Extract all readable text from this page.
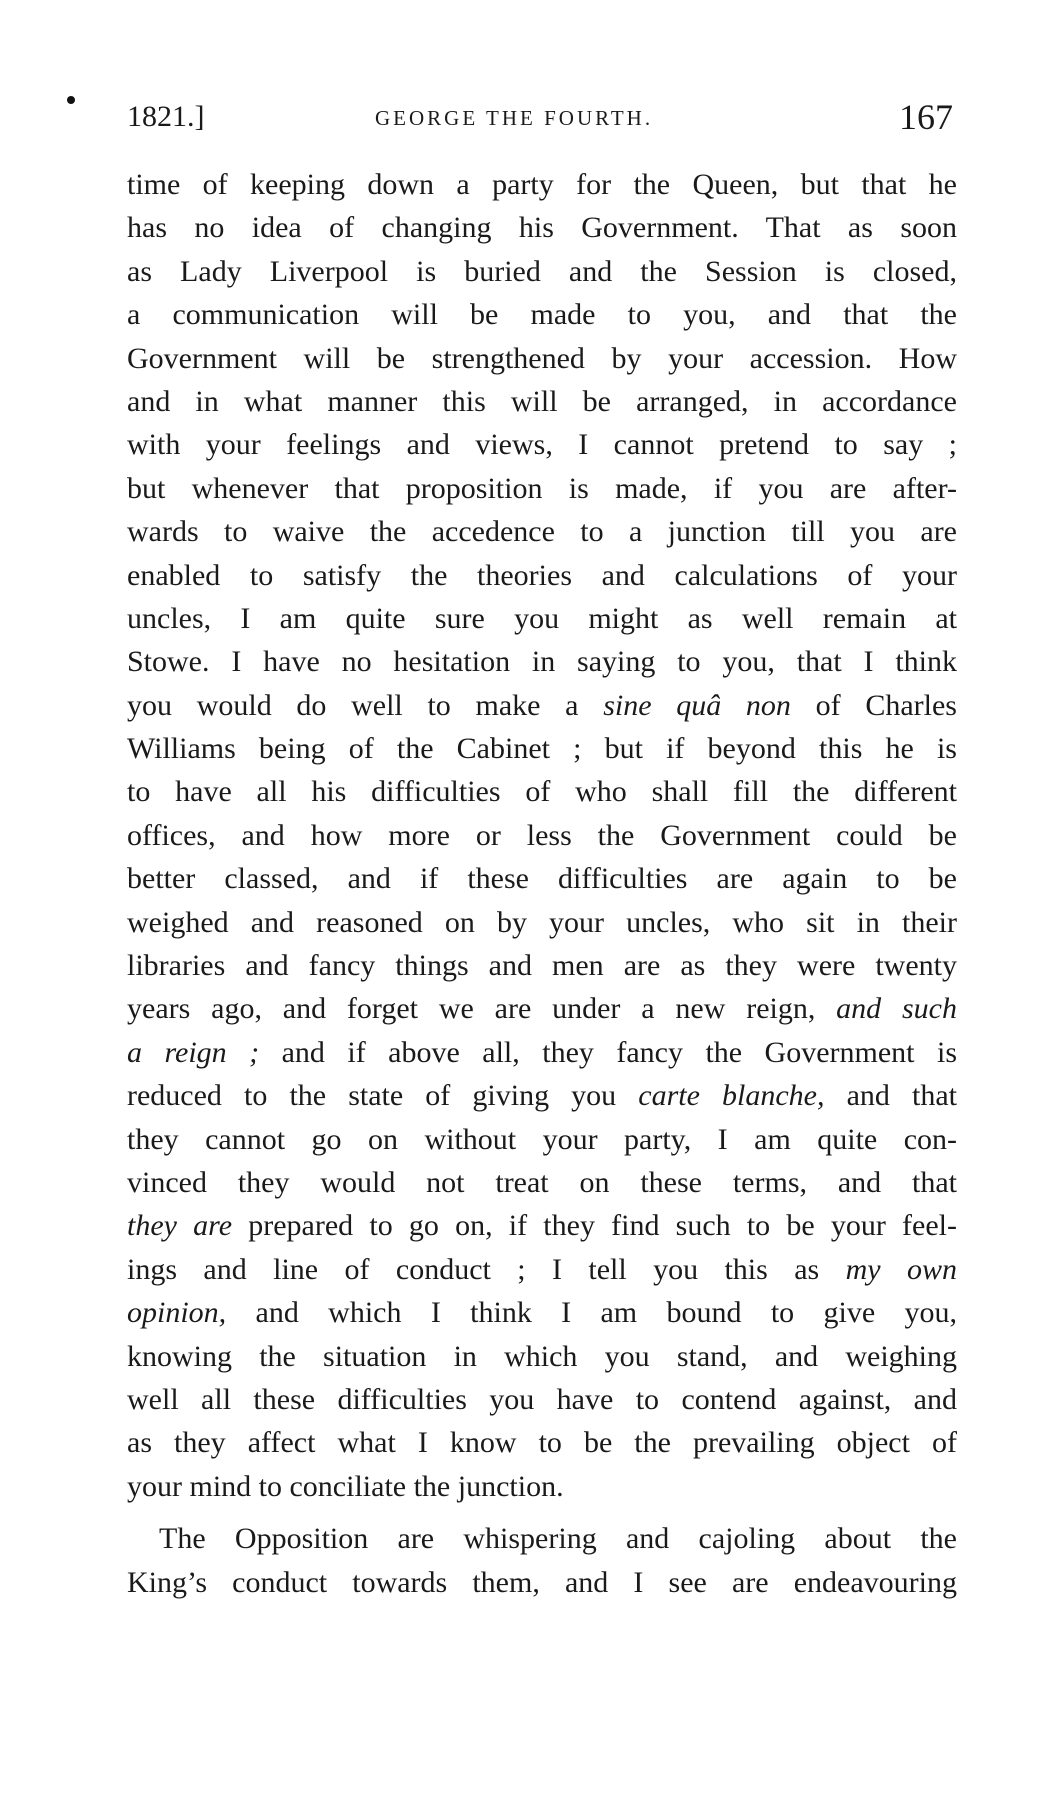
1821.]	GEORGE THE FOURTH.	167
time of keeping down a party for the Queen, but that he
has no idea of changing his Government. That as soon
as Lady Liverpool is buried and the Session is closed,
a communication will be made to you, and that the
Government will be strengthened by your accession. How
and in what manner this will be arranged, in accordance
with your feelings and views, I cannot pretend to say ;
but whenever that proposition is made, if you are after-
wards to waive the accedence to a junction till you are
enabled to satisfy the theories and calculations of your
uncles, I am quite sure you might as well remain at
Stowe. I have no hesitation in saying to you, that I think
you would do well to make a sine quâ non of Charles
Williams being of the Cabinet ; but if beyond this he is
to have all his difficulties of who shall fill the different
offices, and how more or less the Government could be
better classed, and if these difficulties are again to be
weighed and reasoned on by your uncles, who sit in their
libraries and fancy things and men are as they were twenty
years ago, and forget we are under a new reign, and such
a reign ; and if above all, they fancy the Government is
reduced to the state of giving you carte blanche, and that
they cannot go on without your party, I am quite con-
vinced they would not treat on these terms, and that
they are prepared to go on, if they find such to be your feel-
ings and line of conduct ; I tell you this as my own
opinion, and which I think I am bound to give you,
knowing the situation in which you stand, and weighing
well all these difficulties you have to contend against, and
as they affect what I know to be the prevailing object of
your mind to conciliate the junction.
The Opposition are whispering and cajoling about the
King’s conduct towards them, and I see are endeavouring
